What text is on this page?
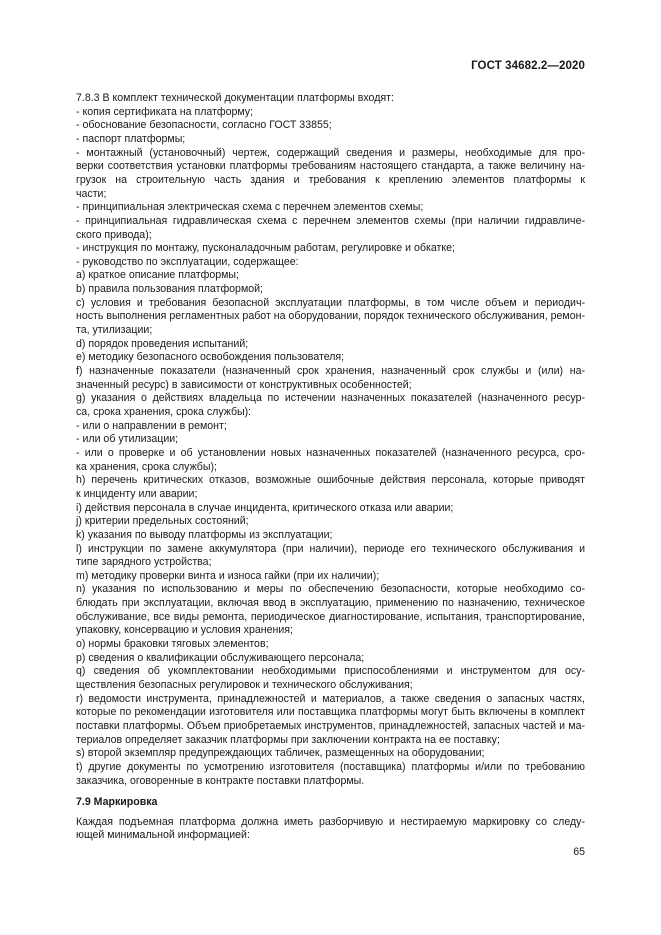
ГОСТ 34682.2—2020
7.8.3 В комплект технической документации платформы входят:
- копия сертификата на платформу;
- обоснование безопасности, согласно ГОСТ 33855;
- паспорт платформы;
- монтажный (установочный) чертеж, содержащий сведения и размеры, необходимые для про-
верки соответствия установки платформы требованиям настоящего стандарта, а также величину на-
грузок на строительную часть здания и требования к креплению элементов платформы к
части;
- принципиальная электрическая схема с перечнем элементов схемы;
- принципиальная гидравлическая схема с перечнем элементов схемы (при наличии гидравличе-
ского привода);
- инструкция по монтажу, пусконаладочным работам, регулировке и обкатке;
- руководство по эксплуатации, содержащее:
a) краткое описание платформы;
b) правила пользования платформой;
c) условия и требования безопасной эксплуатации платформы, в том числе объем и периодич-
ность выполнения регламентных работ на оборудовании, порядок технического обслуживания, ремон-
та, утилизации;
d) порядок проведения испытаний;
e) методику безопасного освобождения пользователя;
f) назначенные показатели (назначенный срок хранения, назначенный срок службы и (или) на-
значенный ресурс) в зависимости от конструктивных особенностей;
g) указания о действиях владельца по истечении назначенных показателей (назначенного ресур-
са, срока хранения, срока службы):
- или о направлении в ремонт;
- или об утилизации;
- или о проверке и об установлении новых назначенных показателей (назначенного ресурса, сро-
ка хранения, срока службы);
h) перечень критических отказов, возможные ошибочные действия персонала, которые приводят
к инциденту или аварии;
i) действия персонала в случае инцидента, критического отказа или аварии;
j) критерии предельных состояний;
k) указания по выводу платформы из эксплуатации;
l) инструкции по замене аккумулятора (при наличии), периоде его технического обслуживания и
типе зарядного устройства;
m) методику проверки винта и износа гайки (при их наличии);
n) указания по использованию и меры по обеспечению безопасности, которые необходимо со-
блюдать при эксплуатации, включая ввод в эксплуатацию, применению по назначению, техническое
обслуживание, все виды ремонта, периодическое диагностирование, испытания, транспортирование,
упаковку, консервацию и условия хранения;
o) нормы браковки тяговых элементов;
p) сведения о квалификации обслуживающего персонала;
q) сведения об укомплектовании необходимыми приспособлениями и инструментом для осу-
ществления безопасных регулировок и технического обслуживания;
r) ведомости инструмента, принадлежностей и материалов, а также сведения о запасных частях,
которые по рекомендации изготовителя или поставщика платформы могут быть включены в комплект
поставки платформы. Объем приобретаемых инструментов, принадлежностей, запасных частей и ма-
териалов определяет заказчик платформы при заключении контракта на ее поставку;
s) второй экземпляр предупреждающих табличек, размещенных на оборудовании;
t) другие документы по усмотрению изготовителя (поставщика) платформы и/или по требованию
заказчика, оговоренные в контракте поставки платформы.
7.9 Маркировка
Каждая подъемная платформа должна иметь разборчивую и нестираемую маркировку со следу-
ющей минимальной информацией:
65
